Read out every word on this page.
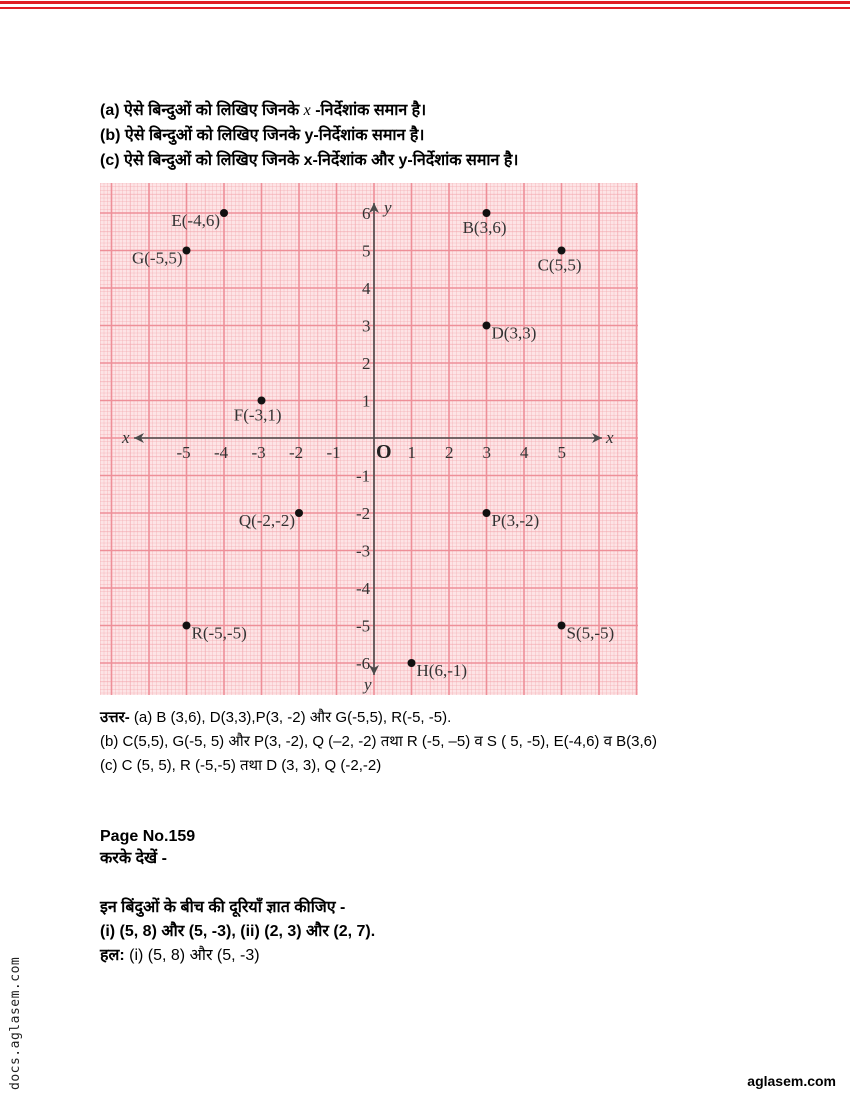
(a) ऐसे बिन्दुओं को लिखिए जिनके x -निर्देशांक समान है।
(b) ऐसे बिन्दुओं को लिखिए जिनके y-निर्देशांक समान है।
(c) ऐसे बिन्दुओं को लिखिए जिनके x-निर्देशांक और y-निर्देशांक समान है।
x
x
y
y
O
-5 -4 -3 -2 -1	1 2 3 4 5
-6
-5
-4
-3
-2
-1
1
2
3
4
5
6
E(-4,6)
G(-5,5)
B(3,6)
C(5,5)
D(3,3)
F(-3,1)
Q(-2,-2)	P(3,-2)
R(-5,-5)	S(5,-5)
H(6,-1)
उत्तर- (a) B (3,6), D(3,3),P(3, -2) और G(-5,5), R(-5, -5).
(b) C(5,5), G(-5, 5) और P(3, -2), Q (–2, -2) तथा R (-5, –5) व S ( 5, -5), E(-4,6) व B(3,6)
(c) C (5, 5), R (-5,-5) तथा D (3, 3), Q (-2,-2)
Page No.159
करके देखें -
इन बिंदुओं के बीच की दूरियाँ ज्ञात कीजिए -
(i) (5, 8) और (5, -3), (ii) (2, 3) और (2, 7).
हल: (i) (5, 8) और (5, -3)
docs.aglasem.com	aglasem.com
